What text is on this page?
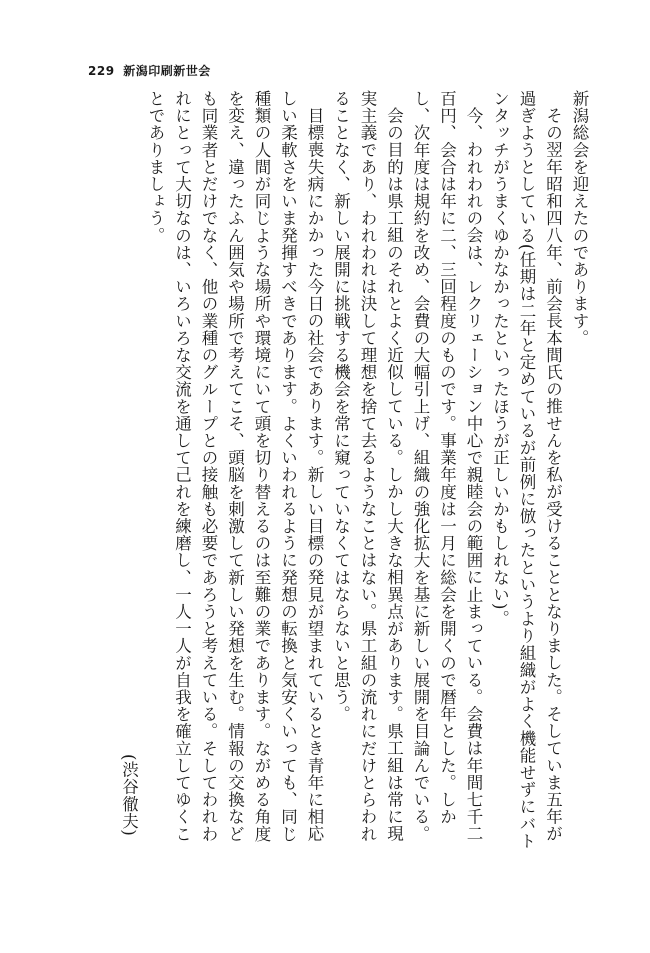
229 新潟印刷新世会

新潟総会を迎えたのであります。

その翌年昭和四八年、前会長本間氏の推せんを私が受けることとなりました。そしていま五年が過ぎようとしている(任期は二年と定めているが前例に倣ったというより組織がよく機能せずにバトンタッチがうまくゆかなかったといったほうが正しいかもしれない)。

今、われわれの会は、レクリェーション中心で親睦会の範囲に止まっている。会費は年間七千二百円、会合は年に二、三回程度のものです。事業年度は一月に総会を開くので暦年とした。しかし、次年度は規約を改め、会費の大幅引上げ、組織の強化拡大を基に新しい展開を目論んでいる。

会の目的は県工組のそれとよく近似している。しかし大きな相異点があります。県工組は常に現実主義であり、われわれは決して理想を捨て去るようなことはない。県工組の流れにだけとらわれることなく、新しい展開に挑戦する機会を常に窺っていなくてはならないと思う。

目標喪失病にかかった今日の社会であります。新しい目標の発見が望まれているとき青年に相応しい柔軟さをいま発揮すべきであります。よくいわれるように発想の転換と気安くいっても、同じ種類の人間が同じような場所や環境にいて頭を切り替えるのは至難の業であります。ながめる角度を変え、違ったふん囲気や場所で考えてこそ、頭脳を刺激して新しい発想を生む。情報の交換なども同業者とだけでなく、他の業種のグループとの接触も必要であろうと考えている。そしてわれわれにとって大切なのは、いろいろな交流を通して己れを練磨し、一人一人が自我を確立してゆくことでありましょう。

(渋谷徹夫)
